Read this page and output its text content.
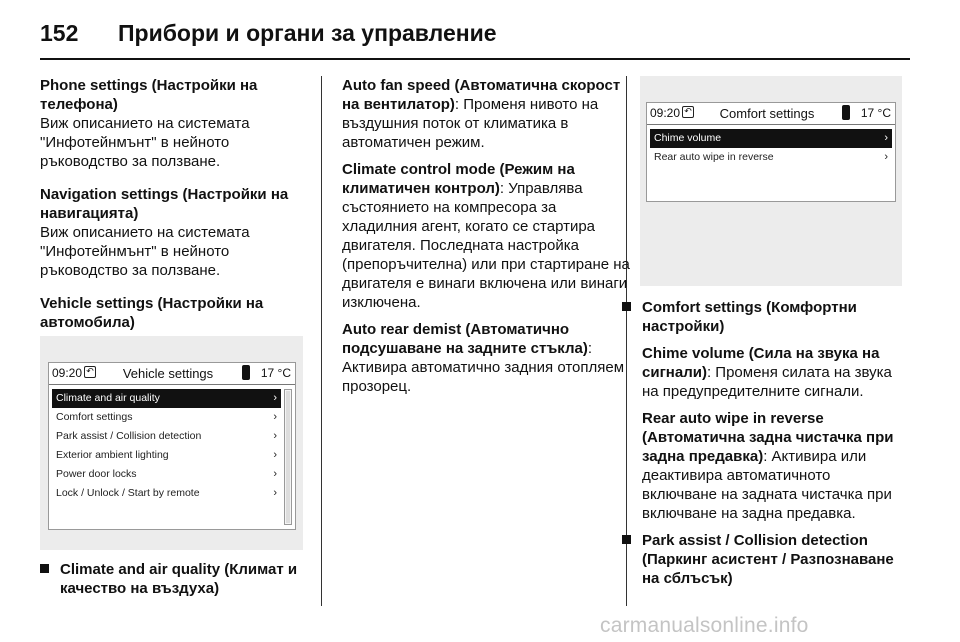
152 Прибори и органи за управление
Phone settings (Настройки на телефона)
Виж описанието на системата "Инфотейнмънт" в нейното ръководство за ползване.
Navigation settings (Настройки на навигацията)
Виж описанието на системата "Инфотейнмънт" в нейното ръководство за ползване.
Vehicle settings (Настройки на автомобила)
09:20 ↶	Vehicle settings	17 °C
Climate and air quality	›
Comfort settings	›
Park assist / Collision detection	›
Exterior ambient lighting	›
Power door locks	›
Lock / Unlock / Start by remote	›
Climate and air quality (Климат и качество на въздуха)
Auto fan speed (Автоматична скорост на вентилатор): Променя нивото на въздушния поток от климатика в автоматичен режим.
Climate control mode (Режим на климатичен контрол): Управлява състоянието на компресора за хладилния агент, когато се стартира двигателя. Последната настройка (препоръчителна) или при стартиране на двигателя е винаги включена или винаги изключена.
Auto rear demist (Автоматично подсушаване на задните стъкла): Активира автоматично задния отопляем прозорец.
09:20 ↶	Comfort settings	17 °C
Chime volume	›
Rear auto wipe in reverse	›
Comfort settings (Комфортни настройки)
Chime volume (Сила на звука на сигнали): Променя силата на звука на предупредителните сигнали.
Rear auto wipe in reverse (Автоматична задна чистачка при задна предавка): Активира или деактивира автоматичното включване на задната чистачка при включване на задна предавка.
Park assist / Collision detection (Паркинг асистент / Разпознаване на сблъсък)
carmanualsonline.info
